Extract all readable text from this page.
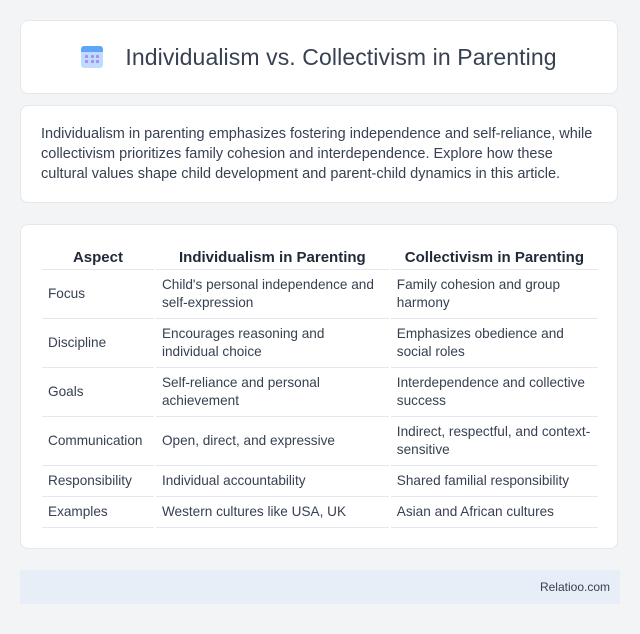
Individualism vs. Collectivism in Parenting
Individualism in parenting emphasizes fostering independence and self-reliance, while collectivism prioritizes family cohesion and interdependence. Explore how these cultural values shape child development and parent-child dynamics in this article.
Aspect	Individualism in Parenting	Collectivism in Parenting
Focus	Child's personal independence and self-expression	Family cohesion and group harmony
Discipline	Encourages reasoning and individual choice	Emphasizes obedience and social roles
Goals	Self-reliance and personal achievement	Interdependence and collective success
Communication	Open, direct, and expressive	Indirect, respectful, and context-sensitive
Responsibility	Individual accountability	Shared familial responsibility
Examples	Western cultures like USA, UK	Asian and African cultures
Relatioo.com
